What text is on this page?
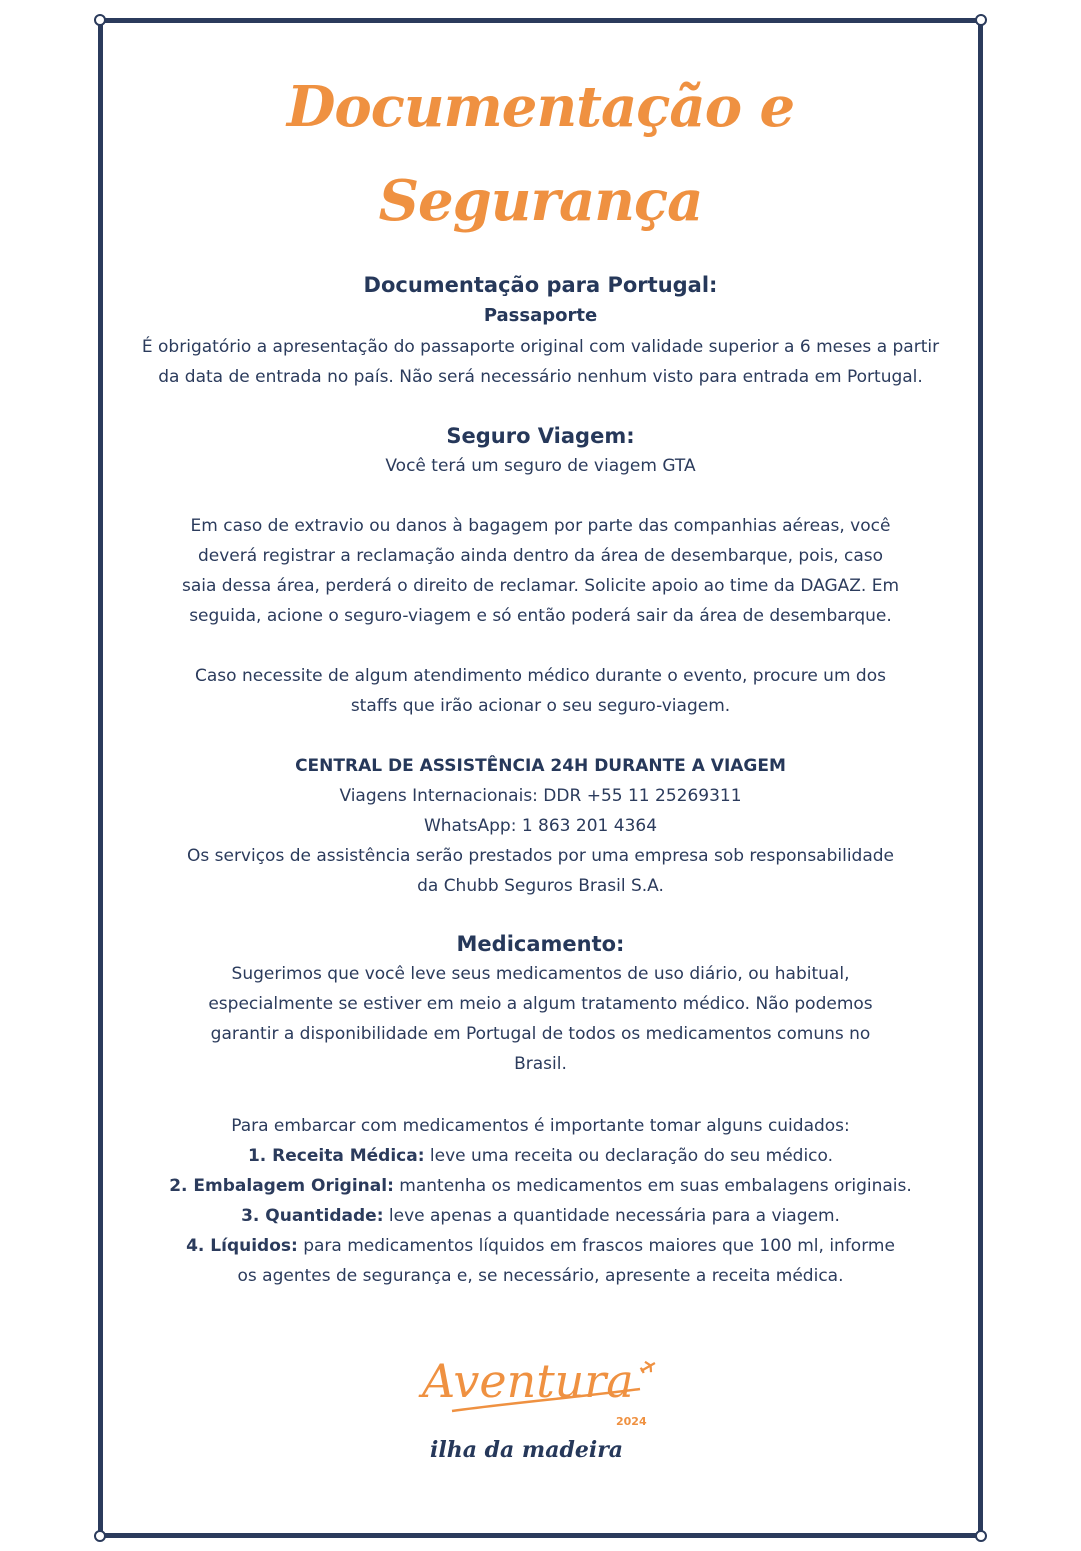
Documentação e
Segurança
Documentação para Portugal:
Passaporte
É obrigatório a apresentação do passaporte original com validade superior a 6 meses a partir
da data de entrada no país. Não será necessário nenhum visto para entrada em Portugal.
Seguro Viagem:
Você terá um seguro de viagem GTA
Em caso de extravio ou danos à bagagem por parte das companhias aéreas, você
deverá registrar a reclamação ainda dentro da área de desembarque, pois, caso
saia dessa área, perderá o direito de reclamar. Solicite apoio ao time da DAGAZ. Em
seguida, acione o seguro-viagem e só então poderá sair da área de desembarque.
Caso necessite de algum atendimento médico durante o evento, procure um dos
staffs que irão acionar o seu seguro-viagem.
CENTRAL DE ASSISTÊNCIA 24H DURANTE A VIAGEM
Viagens Internacionais: DDR +55 11 25269311
WhatsApp: 1 863 201 4364
Os serviços de assistência serão prestados por uma empresa sob responsabilidade
da Chubb Seguros Brasil S.A.
Medicamento:
Sugerimos que você leve seus medicamentos de uso diário, ou habitual,
especialmente se estiver em meio a algum tratamento médico. Não podemos
garantir a disponibilidade em Portugal de todos os medicamentos comuns no
Brasil.
Para embarcar com medicamentos é importante tomar alguns cuidados:
1. Receita Médica: leve uma receita ou declaração do seu médico.
2. Embalagem Original: mantenha os medicamentos em suas embalagens originais.
3. Quantidade: leve apenas a quantidade necessária para a viagem.
4. Líquidos: para medicamentos líquidos em frascos maiores que 100 ml, informe
os agentes de segurança e, se necessário, apresente a receita médica.
Aventura
2024
ilha da madeira
